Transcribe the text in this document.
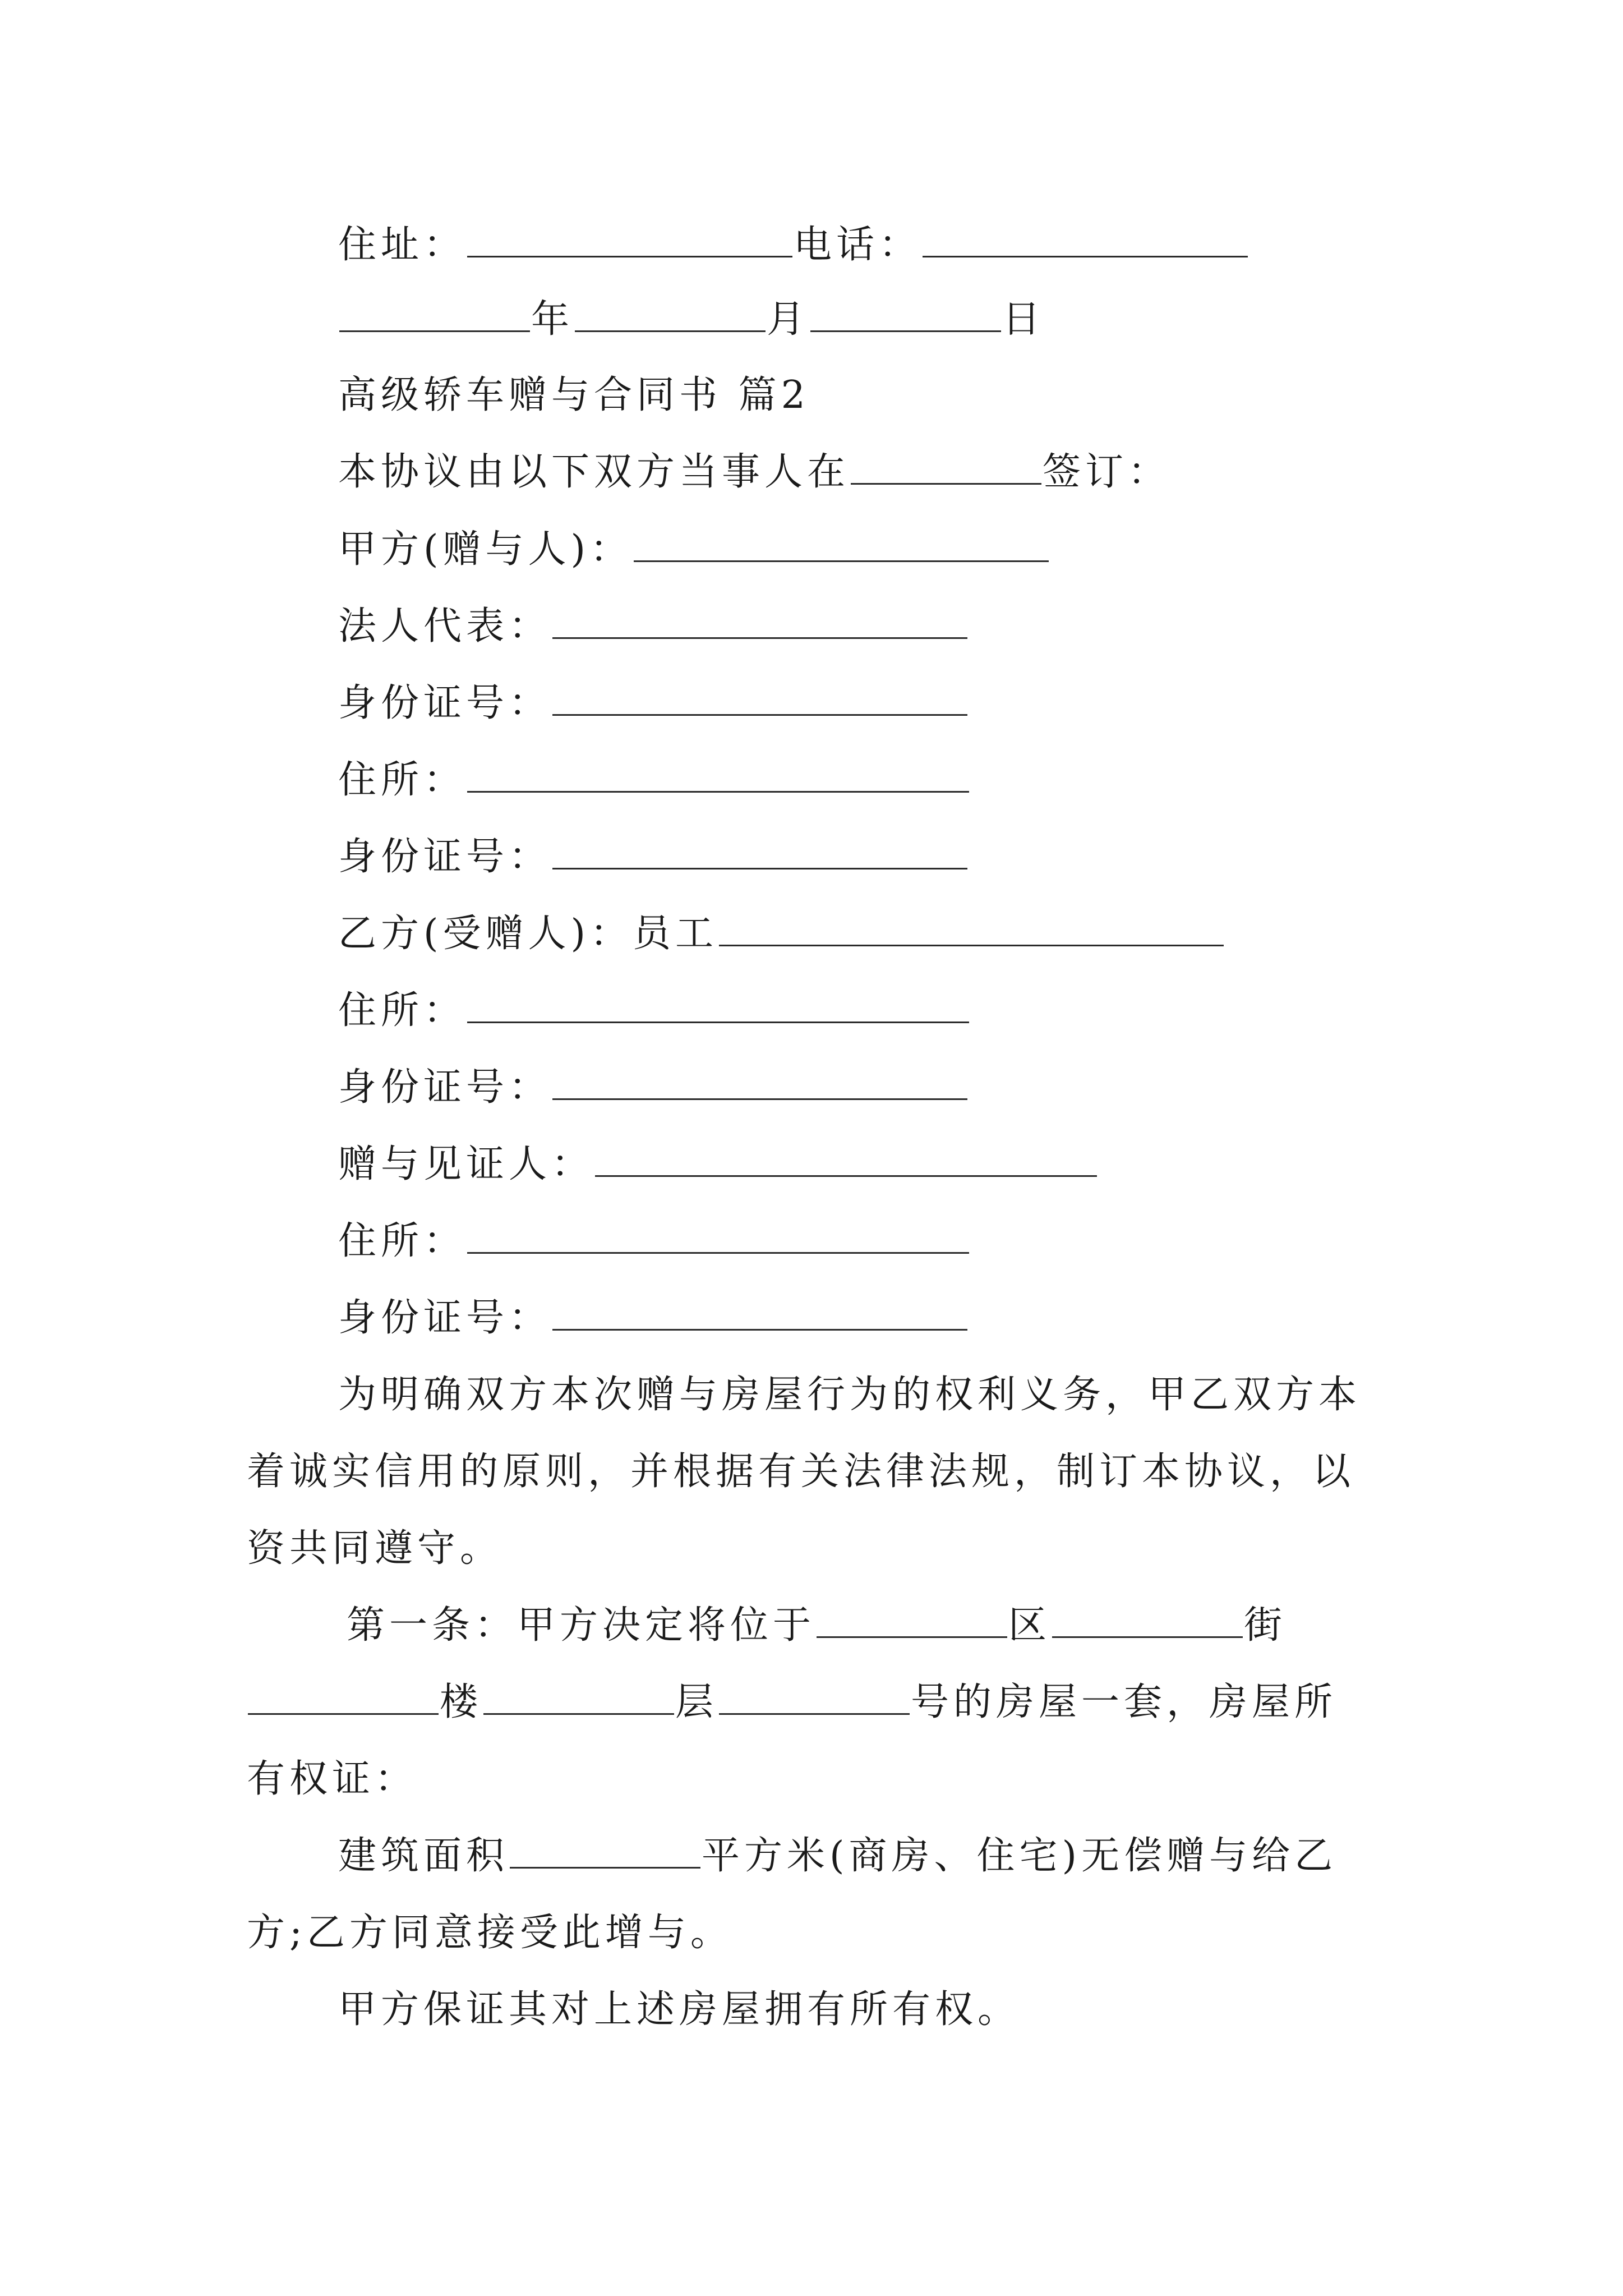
住址：	电话：
年	月	日
高级轿车赠与合同书 篇2
本协议由以下双方当事人在	签订：
甲方(赠与人)：
法人代表：
身份证号：
住所：
身份证号：
乙方(受赠人)：员工
住所：
身份证号：
赠与见证人：
住所：
身份证号：
为明确双方本次赠与房屋行为的权利义务，甲乙双方本
着诚实信用的原则，并根据有关法律法规，制订本协议，以
资共同遵守。
第一条：甲方决定将位于	区	街
楼	层	号的房屋一套，房屋所
有权证：
建筑面积	平方米(商房、住宅)无偿赠与给乙
方;乙方同意接受此增与。
甲方保证其对上述房屋拥有所有权。
